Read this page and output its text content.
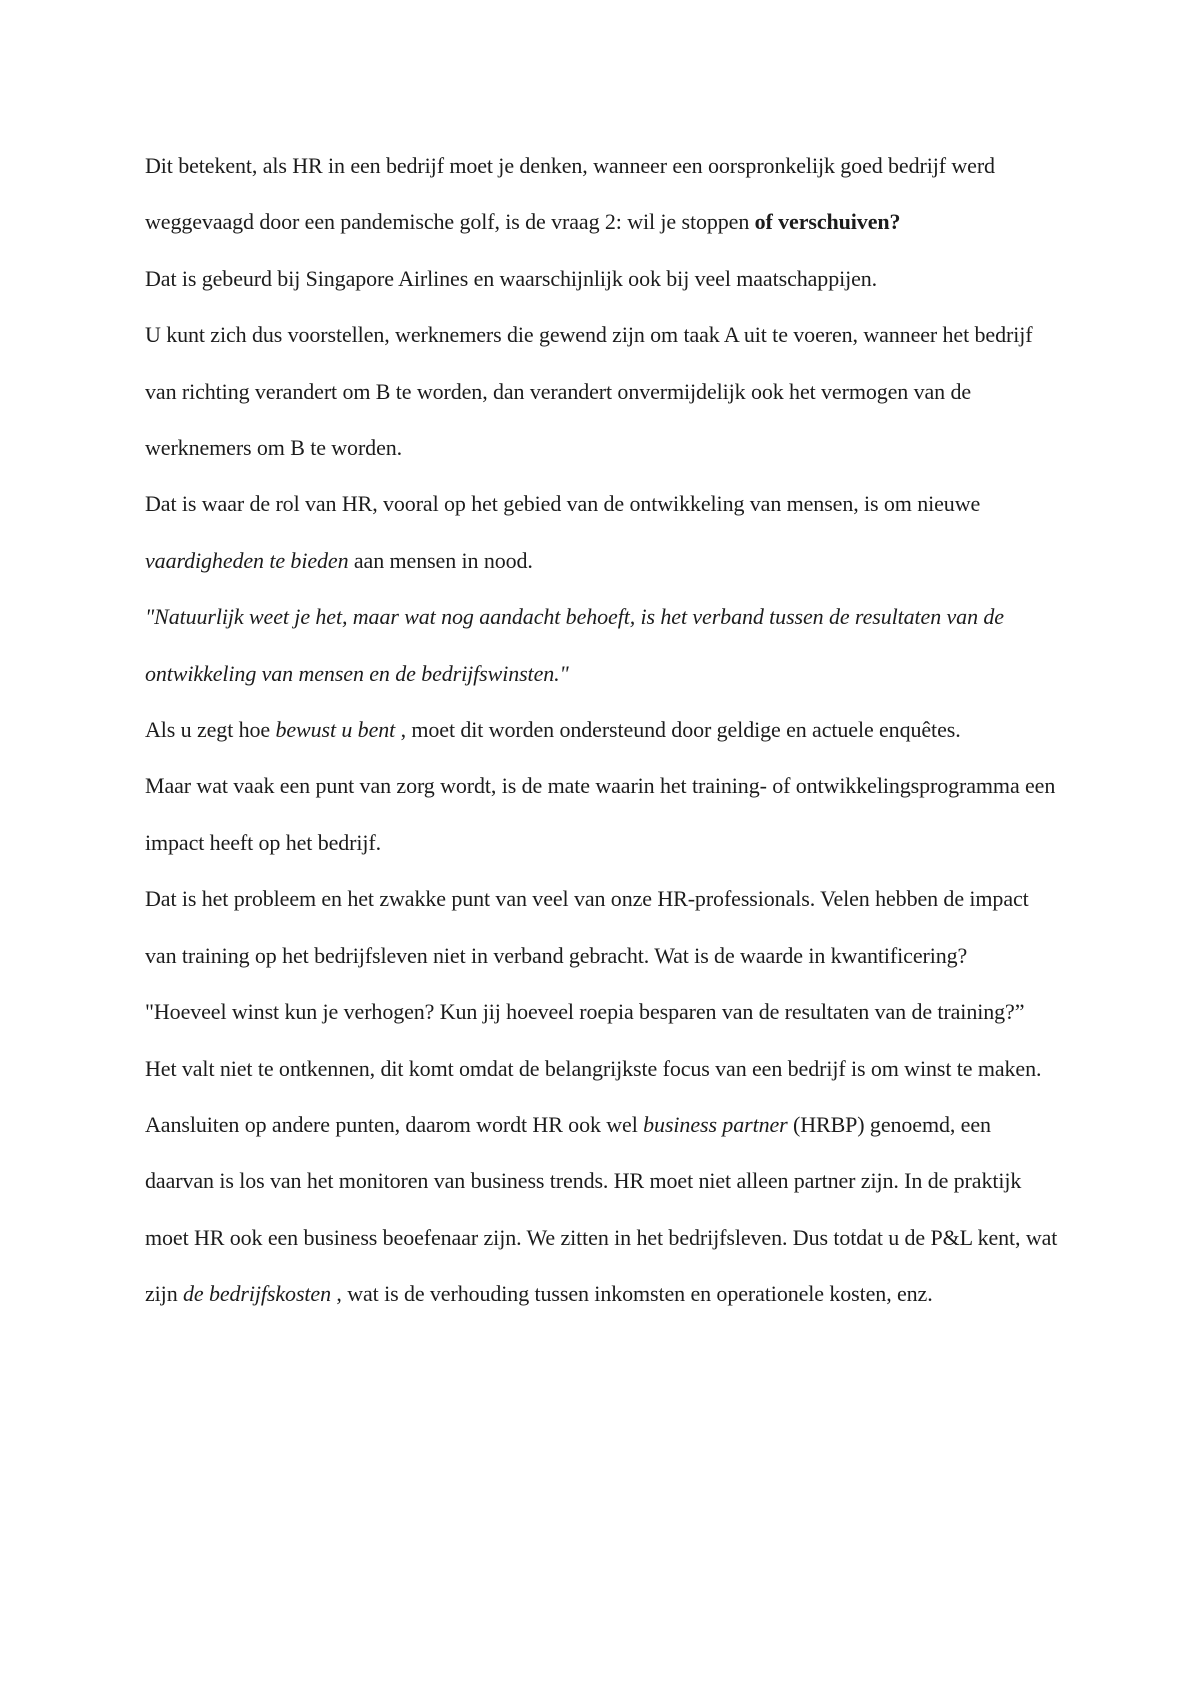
Dit betekent, als HR in een bedrijf moet je denken, wanneer een oorspronkelijk goed bedrijf werd weggevaagd door een pandemische golf, is de vraag 2: wil je stoppen of verschuiven?

Dat is gebeurd bij Singapore Airlines en waarschijnlijk ook bij veel maatschappijen.

U kunt zich dus voorstellen, werknemers die gewend zijn om taak A uit te voeren, wanneer het bedrijf van richting verandert om B te worden, dan verandert onvermijdelijk ook het vermogen van de werknemers om B te worden.

Dat is waar de rol van HR, vooral op het gebied van de ontwikkeling van mensen, is om nieuwe vaardigheden te bieden aan mensen in nood.

"Natuurlijk weet je het, maar wat nog aandacht behoeft, is het verband tussen de resultaten van de ontwikkeling van mensen en de bedrijfswinsten."

Als u zegt hoe bewust u bent , moet dit worden ondersteund door geldige en actuele enquêtes.

Maar wat vaak een punt van zorg wordt, is de mate waarin het training- of ontwikkelingsprogramma een impact heeft op het bedrijf.

Dat is het probleem en het zwakke punt van veel van onze HR-professionals. Velen hebben de impact van training op het bedrijfsleven niet in verband gebracht. Wat is de waarde in kwantificering?

"Hoeveel winst kun je verhogen? Kun jij hoeveel roepia besparen van de resultaten van de training?”

Het valt niet te ontkennen, dit komt omdat de belangrijkste focus van een bedrijf is om winst te maken.

Aansluiten op andere punten, daarom wordt HR ook wel business partner (HRBP) genoemd, een daarvan is los van het monitoren van business trends. HR moet niet alleen partner zijn. In de praktijk moet HR ook een business beoefenaar zijn. We zitten in het bedrijfsleven. Dus totdat u de P&L kent, wat zijn de bedrijfskosten , wat is de verhouding tussen inkomsten en operationele kosten, enz.
